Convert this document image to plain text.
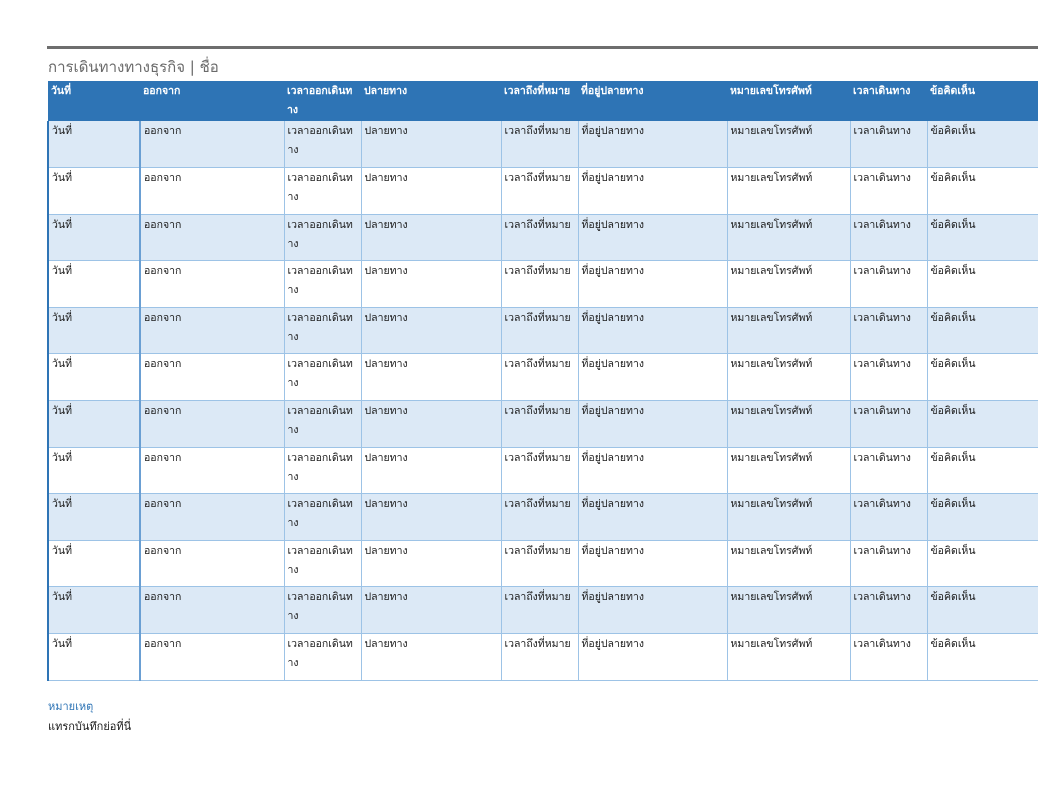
การเดินทางทางธุรกิจ | ชื่อ
วันที่	ออกจาก	เวลาออกเดินทาง	ปลายทาง	เวลาถึงที่หมาย	ที่อยู่ปลายทาง	หมายเลขโทรศัพท์	เวลาเดินทาง	ข้อคิดเห็น
วันที่	ออกจาก	เวลาออกเดินทาง	ปลายทาง	เวลาถึงที่หมาย	ที่อยู่ปลายทาง	หมายเลขโทรศัพท์	เวลาเดินทาง	ข้อคิดเห็น
วันที่	ออกจาก	เวลาออกเดินทาง	ปลายทาง	เวลาถึงที่หมาย	ที่อยู่ปลายทาง	หมายเลขโทรศัพท์	เวลาเดินทาง	ข้อคิดเห็น
วันที่	ออกจาก	เวลาออกเดินทาง	ปลายทาง	เวลาถึงที่หมาย	ที่อยู่ปลายทาง	หมายเลขโทรศัพท์	เวลาเดินทาง	ข้อคิดเห็น
วันที่	ออกจาก	เวลาออกเดินทาง	ปลายทาง	เวลาถึงที่หมาย	ที่อยู่ปลายทาง	หมายเลขโทรศัพท์	เวลาเดินทาง	ข้อคิดเห็น
วันที่	ออกจาก	เวลาออกเดินทาง	ปลายทาง	เวลาถึงที่หมาย	ที่อยู่ปลายทาง	หมายเลขโทรศัพท์	เวลาเดินทาง	ข้อคิดเห็น
วันที่	ออกจาก	เวลาออกเดินทาง	ปลายทาง	เวลาถึงที่หมาย	ที่อยู่ปลายทาง	หมายเลขโทรศัพท์	เวลาเดินทาง	ข้อคิดเห็น
วันที่	ออกจาก	เวลาออกเดินทาง	ปลายทาง	เวลาถึงที่หมาย	ที่อยู่ปลายทาง	หมายเลขโทรศัพท์	เวลาเดินทาง	ข้อคิดเห็น
วันที่	ออกจาก	เวลาออกเดินทาง	ปลายทาง	เวลาถึงที่หมาย	ที่อยู่ปลายทาง	หมายเลขโทรศัพท์	เวลาเดินทาง	ข้อคิดเห็น
วันที่	ออกจาก	เวลาออกเดินทาง	ปลายทาง	เวลาถึงที่หมาย	ที่อยู่ปลายทาง	หมายเลขโทรศัพท์	เวลาเดินทาง	ข้อคิดเห็น
วันที่	ออกจาก	เวลาออกเดินทาง	ปลายทาง	เวลาถึงที่หมาย	ที่อยู่ปลายทาง	หมายเลขโทรศัพท์	เวลาเดินทาง	ข้อคิดเห็น
วันที่	ออกจาก	เวลาออกเดินทาง	ปลายทาง	เวลาถึงที่หมาย	ที่อยู่ปลายทาง	หมายเลขโทรศัพท์	เวลาเดินทาง	ข้อคิดเห็น
วันที่	ออกจาก	เวลาออกเดินทาง	ปลายทาง	เวลาถึงที่หมาย	ที่อยู่ปลายทาง	หมายเลขโทรศัพท์	เวลาเดินทาง	ข้อคิดเห็น
หมายเหตุ
แทรกบันทึกย่อที่นี่
